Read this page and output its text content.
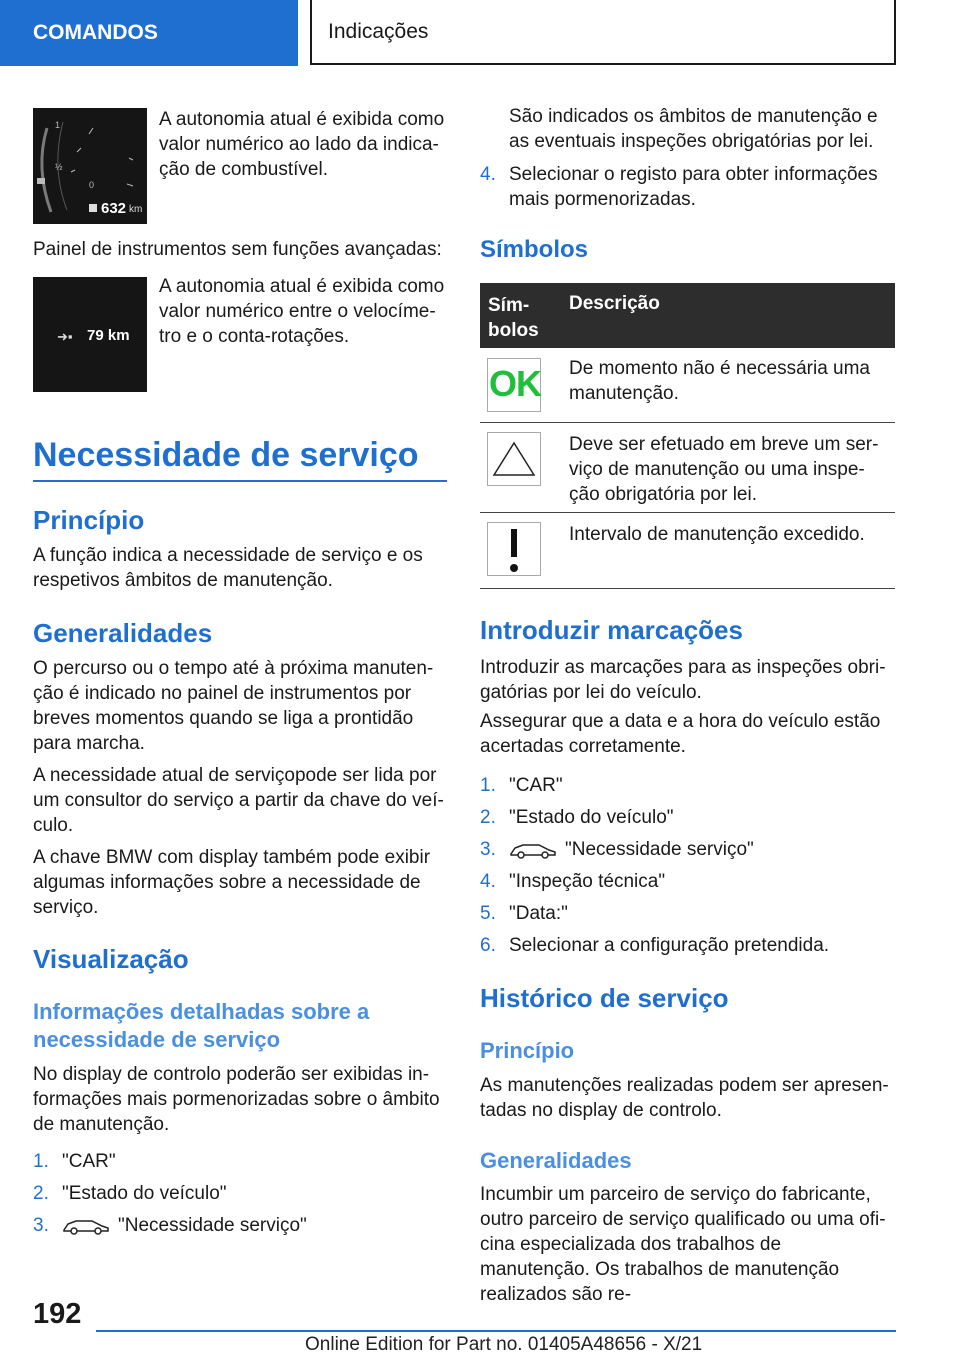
COMANDOS	Indicações
1
½
0
632 km

A autonomia atual é exibida como valor numérico ao lado da indica-ção de combustível.

Painel de instrumentos sem funções avançadas:

➜▪ 79 km

A autonomia atual é exibida como valor numérico entre o velocíme-tro e o conta-rotações.

Necessidade de serviço
Princípio

A função indica a necessidade de serviço e os respetivos âmbitos de manutenção.

Generalidades

O percurso ou o tempo até à próxima manuten-ção é indicado no painel de instrumentos por breves momentos quando se liga a prontidão para marcha.

A necessidade atual de serviçopode ser lida por um consultor do serviço a partir da chave do veí-culo.

A chave BMW com display também pode exibir algumas informações sobre a necessidade de serviço.

Visualização
Informações detalhadas sobre a necessidade de serviço

No display de controlo poderão ser exibidas in-formações mais pormenorizadas sobre o âmbito de manutenção.

1. "CAR"
2. "Estado do veículo"
3.	"Necessidade serviço"

São indicados os âmbitos de manutenção e as eventuais inspeções obrigatórias por lei.

4. Selecionar o registo para obter informações mais pormenorizadas.
Símbolos
Sím-bolos
Descrição
OK De momento não é necessária uma manutenção.

Deve ser efetuado em breve um ser-viço de manutenção ou uma inspe-ção obrigatória por lei.

Intervalo de manutenção excedido.

Introduzir marcações

Introduzir as marcações para as inspeções obri-gatórias por lei do veículo.

Assegurar que a data e a hora do veículo estão acertadas corretamente.

1. "CAR"
2. "Estado do veículo"
3.	"Necessidade serviço"
4. "Inspeção técnica"
5. "Data:"
6. Selecionar a configuração pretendida.
Histórico de serviço
Princípio

As manutenções realizadas podem ser apresen-tadas no display de controlo.

Generalidades

Incumbir um parceiro de serviço do fabricante, outro parceiro de serviço qualificado ou uma ofi-cina especializada dos trabalhos de manutenção. Os trabalhos de manutenção realizados são re-

192
Online Edition for Part no. 01405A48656 - X/21
